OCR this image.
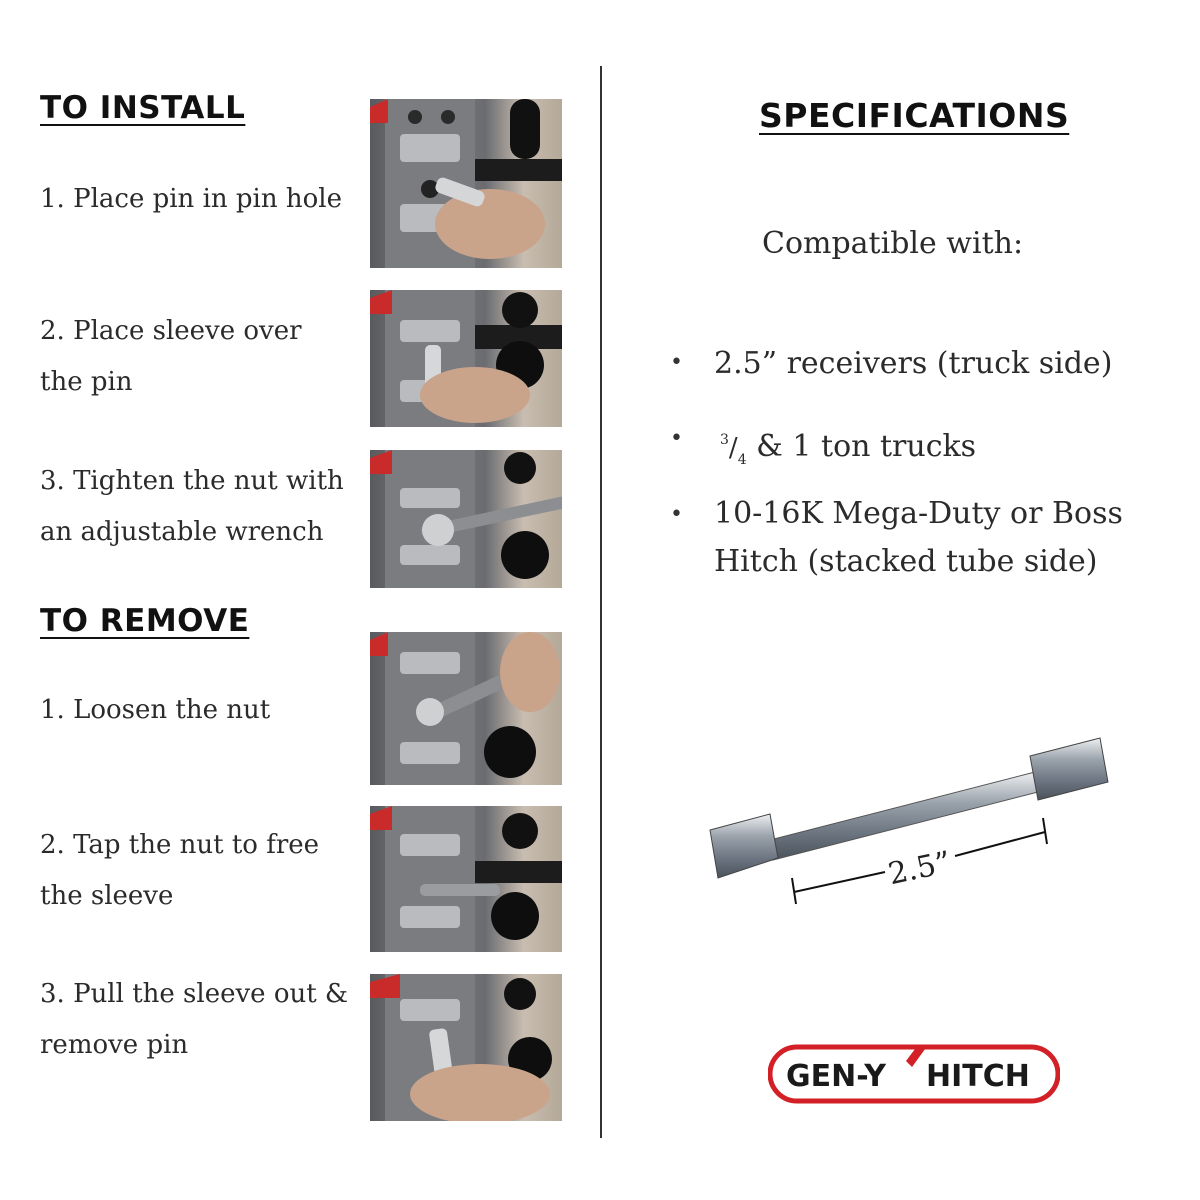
TO INSTALL
1. Place pin in pin hole
2. Place sleeve over
the pin
3. Tighten the nut with
an adjustable wrench
TO REMOVE
1. Loosen the nut
2. Tap the nut to free
the sleeve
3. Pull the sleeve out &
remove pin
SPECIFICATIONS
Compatible with:
• 2.5” receivers (truck side)
•	$^3/_4$ & 1 ton trucks
• 10-16K Mega-Duty or Boss
Hitch (stacked tube side)
2.5”
GEN-Y HITCH
